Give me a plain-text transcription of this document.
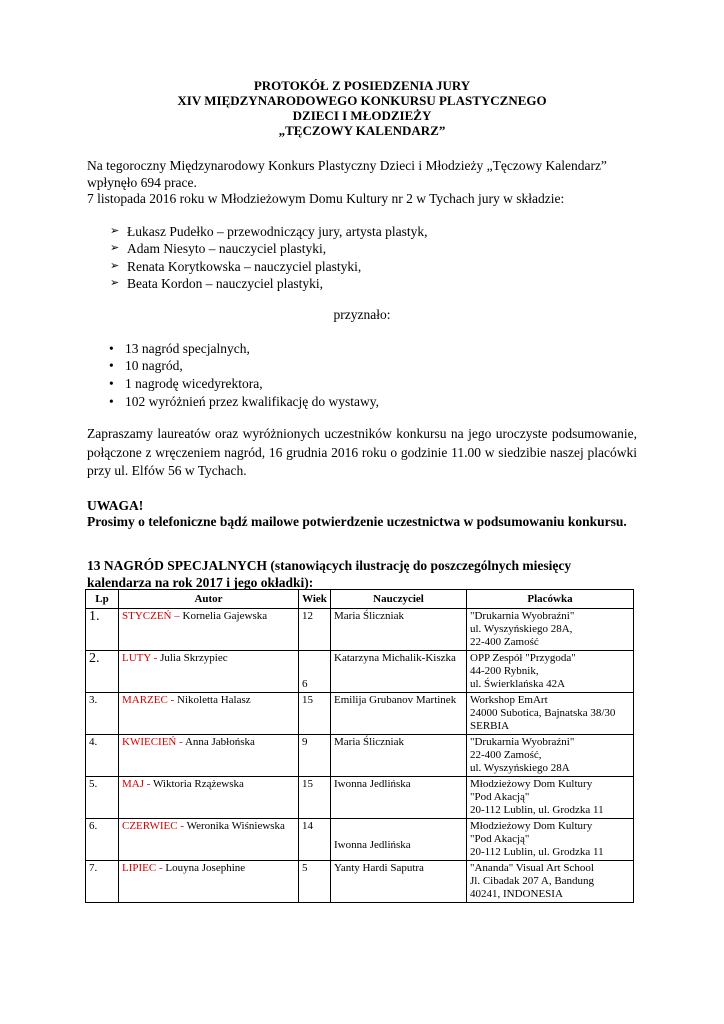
PROTOKÓŁ Z POSIEDZENIA JURY
XIV MIĘDZYNARODOWEGO KONKURSU PLASTYCZNEGO
DZIECI I MŁODZIEŻY
„TĘCZOWY KALENDARZ”
Na tegoroczny Międzynarodowy Konkurs Plastyczny Dzieci i Młodzieży „Tęczowy Kalendarz”
wpłynęło 694 prace.
7 listopada 2016 roku w Młodzieżowym Domu Kultury nr 2 w Tychach jury w składzie:
➢ Łukasz Pudełko – przewodniczący jury, artysta plastyk,
➢ Adam Niesyto – nauczyciel plastyki,
➢ Renata Korytkowska – nauczyciel plastyki,
➢ Beata Kordon – nauczyciel plastyki,
przyznało:
• 13 nagród specjalnych,
• 10 nagród,
• 1 nagrodę wicedyrektora,
• 102 wyróżnień przez kwalifikację do wystawy,
Zapraszamy laureatów oraz wyróżnionych uczestników konkursu na jego uroczyste podsumowanie, połączone z wręczeniem nagród, 16 grudnia 2016 roku o godzinie 11.00 w siedzibie naszej placówki przy ul. Elfów 56 w Tychach.
UWAGA!
Prosimy o telefoniczne bądź mailowe potwierdzenie uczestnictwa w podsumowaniu konkursu.
13 NAGRÓD SPECJALNYCH (stanowiących ilustrację do poszczególnych miesięcy kalendarza na rok 2017 i jego okładki):
Lp	Autor	Wiek	Nauczyciel	Placówka
1.	STYCZEŃ – Kornelia Gajewska	12	Maria Śliczniak	"Drukarnia Wyobraźni"
ul. Wyszyńskiego 28A,
22-400 Zamość

2.	LUTY - Julia Skrzypiec	6	Katarzyna Michalik-Kiszka	OPP Zespół "Przygoda"
44-200 Rybnik,
ul. Świerklańska 42A

3.	MARZEC - Nikoletta Halasz	15	Emilija Grubanov Martinek	Workshop EmArt
24000 Subotica, Bajnatska 38/30
SERBIA

4.	KWIECIEŃ - Anna Jabłońska	9	Maria Śliczniak	"Drukarnia Wyobraźni"
22-400 Zamość,
ul. Wyszyńskiego 28A

5.	MAJ - Wiktoria Rzążewska	15	Iwonna Jedlińska	Młodzieżowy Dom Kultury
"Pod Akacją"
20-112 Lublin, ul. Grodzka 11

6.	CZERWIEC - Weronika Wiśniewska	14	Iwonna Jedlińska	Młodzieżowy Dom Kultury
"Pod Akacją"
20-112 Lublin, ul. Grodzka 11

7.	LIPIEC - Louyna Josephine	5	Yanty Hardi Saputra	"Ananda" Visual Art School
Jl. Cibadak 207 A, Bandung
40241, INDONESIA
